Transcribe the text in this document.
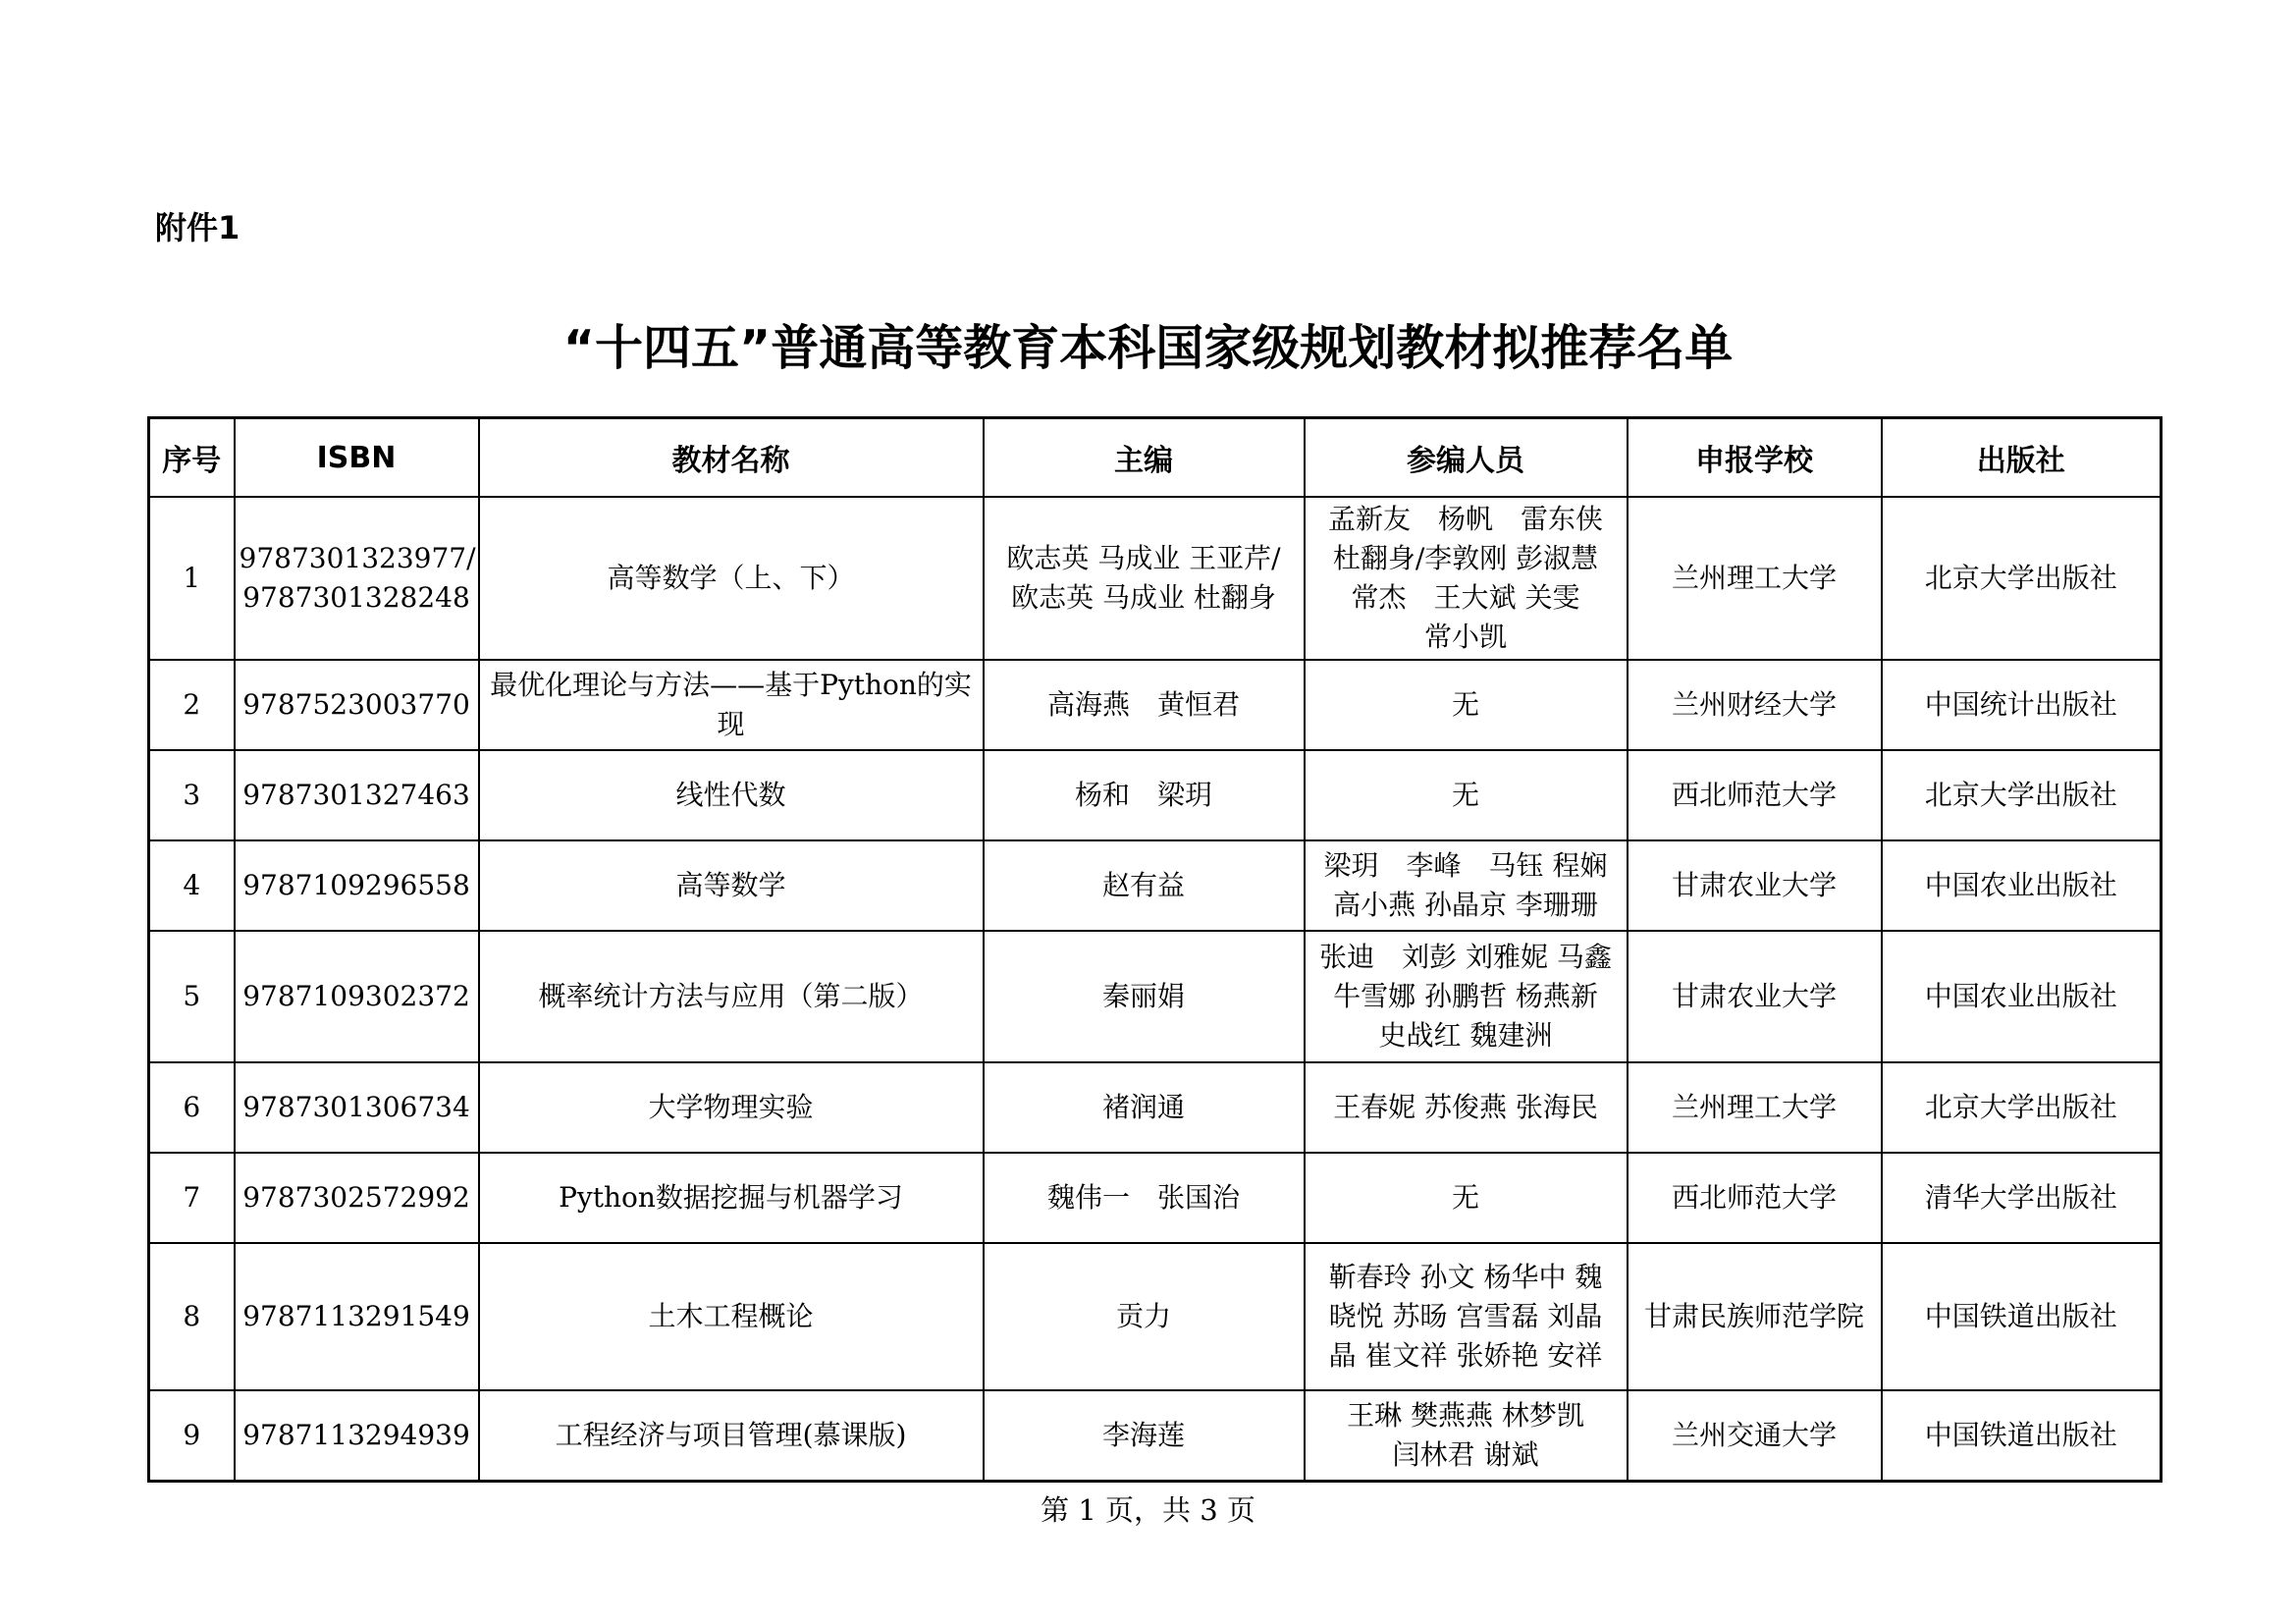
附件1
“十四五”普通高等教育本科国家级规划教材拟推荐名单
序号	ISBN	教材名称	主编	参编人员	申报学校	出版社
1	9787301323977/
9787301328248	高等数学（上、下）	欧志英 马成业 王亚芹/
欧志英 马成业 杜翻身	孟新友　杨帆　雷东侠
杜翻身/李敦刚 彭淑慧
常杰　王大斌 关雯
常小凯	兰州理工大学	北京大学出版社
2	9787523003770	最优化理论与方法——基于Python的实现	高海燕　黄恒君	无	兰州财经大学	中国统计出版社
3	9787301327463	线性代数	杨和　梁玥	无	西北师范大学	北京大学出版社
4	9787109296558	高等数学	赵有益	梁玥　李峰　马钰 程娴
高小燕 孙晶京 李珊珊	甘肃农业大学	中国农业出版社
5	9787109302372	概率统计方法与应用（第二版）	秦丽娟	张迪　刘彭 刘雅妮 马鑫
牛雪娜 孙鹏哲 杨燕新
史战红 魏建洲	甘肃农业大学	中国农业出版社
6	9787301306734	大学物理实验	褚润通	王春妮 苏俊燕 张海民	兰州理工大学	北京大学出版社
7	9787302572992	Python数据挖掘与机器学习	魏伟一　张国治	无	西北师范大学	清华大学出版社
8	9787113291549	土木工程概论	贡力	靳春玲 孙文 杨华中 魏
晓悦 苏旸 宫雪磊 刘晶
晶 崔文祥 张娇艳 安祥	甘肃民族师范学院	中国铁道出版社
9	9787113294939	工程经济与项目管理(慕课版)	李海莲	王琳 樊燕燕 林梦凯
闫林君 谢斌	兰州交通大学	中国铁道出版社
第 1 页，共 3 页
